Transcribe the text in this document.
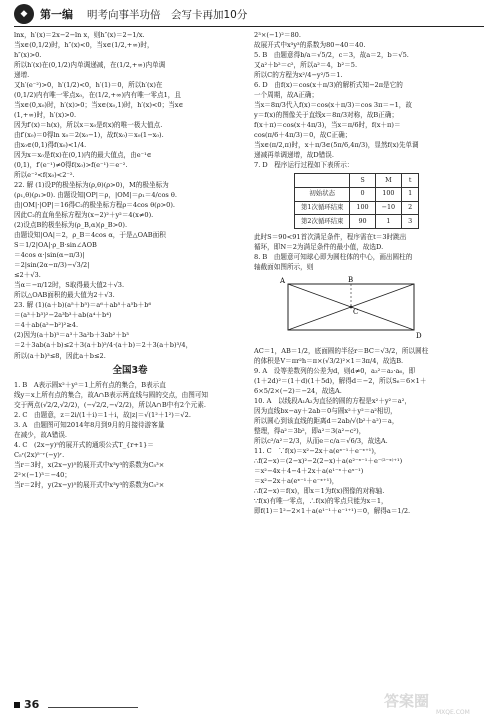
◆	第一编 明考向事半功倍　会写卡再加10分
lnx，h′(x)＝2x−2−ln x，则h″(x)＝2−1/x.
当x∈(0,1/2)时，h″(x)<0，当x∈(1/2,+∞)时，
h″(x)>0.
所以h′(x)在(0,1/2)内单调递减，在(1/2,+∞)内单调
递增.
又h′(e⁻²)>0，h′(1/2)<0，h′(1)＝0，所以h′(x)在
(0,1/2)内有唯一零点x₀，在(1/2,+∞)内有唯一零点1，且
当x∈(0,x₀)时，h′(x)>0；当x∈(x₀,1)时，h′(x)<0；当x∈
(1,+∞)时，h′(x)>0.
因为f′(x)＝h(x)，所以x＝x₀是f(x)的唯一极大值点.
由f′(x₀)＝0得ln x₀＝2(x₀−1)，故f(x₀)＝x₀(1−x₀).
由x₀∈(0,1)得f(x₀)<1/4.
因为x＝x₀是f(x)在(0,1)内的最大值点，由e⁻¹∈
(0,1)，f′(e⁻¹)≠0得f(x₀)>f(e⁻¹)＝e⁻².
所以e⁻²<f(x₀)<2⁻².
22. 解 (1)设P的极坐标为(ρ,θ)(ρ>0)，M的极坐标为
(ρ₁,θ)(ρ₁>0). 由题设知|OP|＝ρ，|OM|＝ρ₁＝4/cos θ.
由|OM|·|OP|＝16得C₂的极坐标方程ρ＝4cos θ(ρ>0).
因此C₂的直角坐标方程为(x−2)²＋y²＝4(x≠0).
(2)设点B的极坐标为(ρ_B,α)(ρ_B>0).
由题设知|OA|＝2，ρ_B＝4cos α，于是△OAB面积
S＝1/2|OA|·ρ_B·sin∠AOB
＝4cos α·|sin(α−π/3)|
＝2|sin(2α−π/3)−√3/2|
≤2＋√3.
当α＝−π/12时，S取得最大值2＋√3.
所以△OAB面积的最大值为2＋√3.
23. 解 (1)(a＋b)(a⁵＋b⁵)＝a⁶＋ab⁵＋a⁵b＋b⁶
＝(a³＋b³)²−2a³b³＋ab(a⁴＋b⁴)
＝4＋ab(a²−b²)²≥4.
(2)因为(a＋b)³＝a³＋3a²b＋3ab²＋b³
＝2＋3ab(a＋b)≤2＋3(a＋b)²/4·(a＋b)＝2＋3(a＋b)³/4，
所以(a＋b)³≤8，因此a＋b≤2.
全国3卷
1. B　A表示圆x²＋y²＝1上所有点的集合，B表示直
线y＝x上所有点的集合，故A∩B表示两直线与圆的交点，由图可知
交于两点(√2/2,√2/2)，(−√2/2,−√2/2)，所以A∩B中有2个元素.
2. C　由题意，z＝2i/(1＋i)＝1＋i，故|z|＝√(1²＋1²)＝√2.
3. A　由题图可知2014年8月到9月的月接待游客量
在减少，故A错误.
4. C　(2x−y)⁵的展开式的通项公式T_{r+1}＝
C₅ʳ(2x)⁵⁻ʳ(−y)ʳ.
当r＝3时，x(2x−y)⁵的展开式中x³y³的系数为C₅³×
2²×(−1)³＝−40；
当r＝2时，y(2x−y)⁵的展开式中x³y³的系数为C₅²×
2³×(−1)²＝80.
故展开式中x³y³的系数为80−40＝40.
5. B　由题意得b/a＝√5/2，c＝3，故a＝2，b＝√5.
又a²＋b²＝c²，所以a²＝4，b²＝5.
所以C的方程为x²/4−y²/5＝1.
6. D　由f(x)＝cos(x＋π/3)的解析式知−2π是它的
一个周期，故A正确；
当x＝8π/3代入f(x)＝cos(x＋π/3)＝cos 3π＝−1，故
y＝f(x)的图像关于直线x＝8π/3对称，故B正确；
f(x＋π)＝cos(x＋4π/3)，当x＝π/6时，f(x＋π)＝
cos(π/6＋4π/3)＝0，故C正确；
当x∈(π/2,π)时，x＋π/3∈(5π/6,4π/3)，显然f(x)先单调
递减再单调递增，故D错误.
7. D　程序运行过程如下表所示：
	S	M	t
初始状态	0	100	1
第1次循环结束	100	−10	2
第2次循环结束	90	1	3
此时S＝90<91首次满足条件，程序需在t＝3时跳出
循环，即N＝2为满足条件的最小值，故选D.
8. B　由题意可知球心即为圆柱体的中心，画出圆柱的
轴截面如图所示，则
A	B
C
D
AC＝1，AB＝1/2，底面圆的半径r＝BC＝√3/2，所以圆柱
的体积是V＝πr²h＝π×(√3/2)²×1＝3π/4，故选B.
9. A　设等差数列的公差为d，则d≠0，a₃²＝a₂·a₆，即
(1＋2d)²＝(1＋d)(1＋5d)，解得d＝−2，所以S₆＝6×1＋
6×5/2×(−2)＝−24，故选A.
10. A　以线段A₁A₂为直径的圆的方程是x²＋y²＝a²，
因为直线bx−ay＋2ab＝0与圆x²＋y²＝a²相切，
所以圆心到该直线的距离d＝2ab/√(b²＋a²)＝a，
整理，得a²＝3b²，即a²＝3(a²−c²)，
所以c²/a²＝2/3，从而e＝c/a＝√6/3，故选A.
11. C　∵f(x)＝x²−2x＋a(eˣ⁻¹＋e⁻ˣ⁺¹)，
∴f(2−x)＝(2−x)²−2(2−x)＋a(e²⁻ˣ⁻¹＋e⁻⁽²⁻ˣ⁾⁺¹)
＝x²−4x＋4−4＋2x＋a(e¹⁻ˣ＋eˣ⁻¹)
＝x²−2x＋a(eˣ⁻¹＋e⁻ˣ⁺¹)，
∴f(2−x)＝f(x)，即x＝1为f(x)图像的对称轴.
∵f(x)有唯一零点，∴f(x)的零点只能为x＝1，
即f(1)＝1²−2×1＋a(e¹⁻¹＋e⁻¹⁺¹)＝0，解得a＝1/2.
36	答案圈
MXQE.COM
